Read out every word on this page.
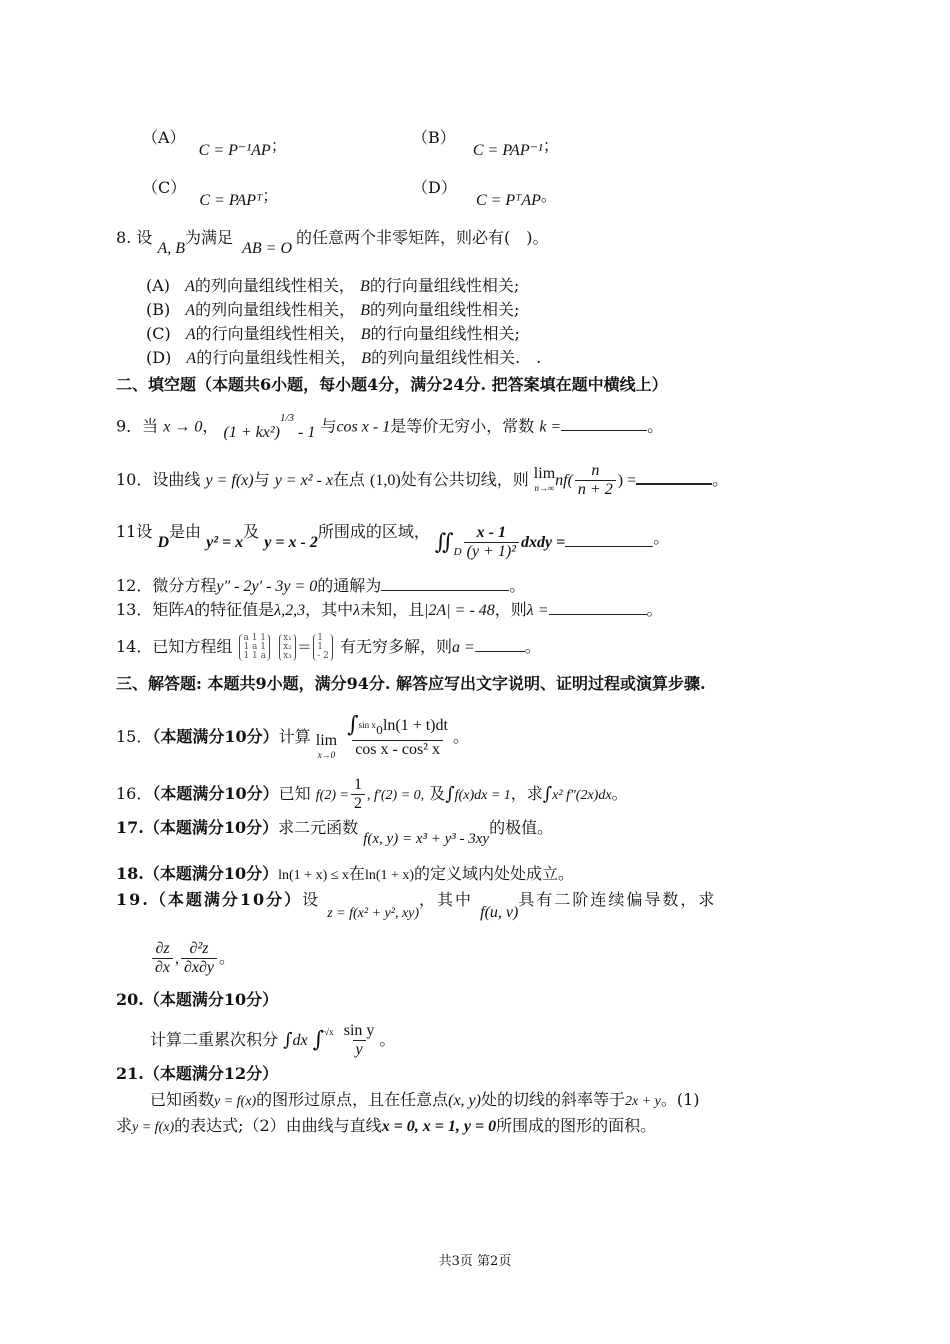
（A） C = P⁻¹AP；	（B） C = PAP⁻¹；
（C） C = PAPᵀ；	（D） C = PᵀAP。
8. 设 A, B为满足 AB = O的任意两个非零矩阵，则必有(　)。
(A) A的列向量组线性相关， B的行向量组线性相关;
(B) A的列向量组线性相关， B的列向量组线性相关;
(C) A的行向量组线性相关， B的行向量组线性相关;
(D) A的行向量组线性相关， B的列向量组线性相关.　.
二、填空题（本题共6小题，每小题4分，满分24分. 把答案填在题中横线上）
9．当 x → 0， $(1 + kx^2)^{1/3} - 1$ 与cos x - 1是等价无穷小，常数 k =	。
10．设曲线 y = f(x)与 y = x² - x在点 (1,0)处有公共切线，则 lim
n→∞ $nf( \frac{n}{n + 2}$ ) =	。
11设 D是由 y² = x及 y = x - 2所围成的区域， $∬_D \frac{x - 1}{\text{(y + 1)²}}$ dxdy =	。
12．微分方程y″ - 2y′ - 3y = 0的通解为	。
13．矩阵A的特征值是λ,2,3，其中λ未知，且|2A| = - 48，则λ =	。
14．已知方程组 a 1 1
1 a 1
1 1 a

x₁
x₂
x₃ = 1
1
- 2 有无穷多解，则a =	。
三、解答题: 本题共9小题，满分94分. 解答应写出文字说明、证明过程或演算步骤.
15．（本题满分10分）计算 lim
x→0
$\frac{\int^{sin x}_0\ln(1 + t)dt}{\text{cos x - cos² x}}$ 。
16．（本题满分10分）已知 $f(2) = \frac{1}{2}$ , f′(2) = 0, 及∫f(x)dx = 1，求∫x² f″(2x)dx。
17.（本题满分10分）求二元函数 f(x, y) = x³ + y³ - 3xy的极值。
18.（本题满分10分）ln(1 + x) ≤ x在ln(1 + x)的定义域内处处成立。
19.（本题满分10分）设 z = f(x² + y², xy)，其中 f(u, v)具有二阶连续偏导数，求
$\frac{\partial z}{\partial x}$ , $\frac{\text{∂²z}}{\partial x\partial y}$ 。
20.（本题满分10分）
计算二重累次积分 ∫dx $\int^{√x} \frac{\text{sin y}}{y}$ 。
21.（本题满分12分）
已知函数y = f(x)的图形过原点，且在任意点(x, y)处的切线的斜率等于2x + y。(1)
求y = f(x)的表达式;（2）由曲线与直线x = 0, x = 1, y = 0所围成的图形的面积。
共3页 第2页
